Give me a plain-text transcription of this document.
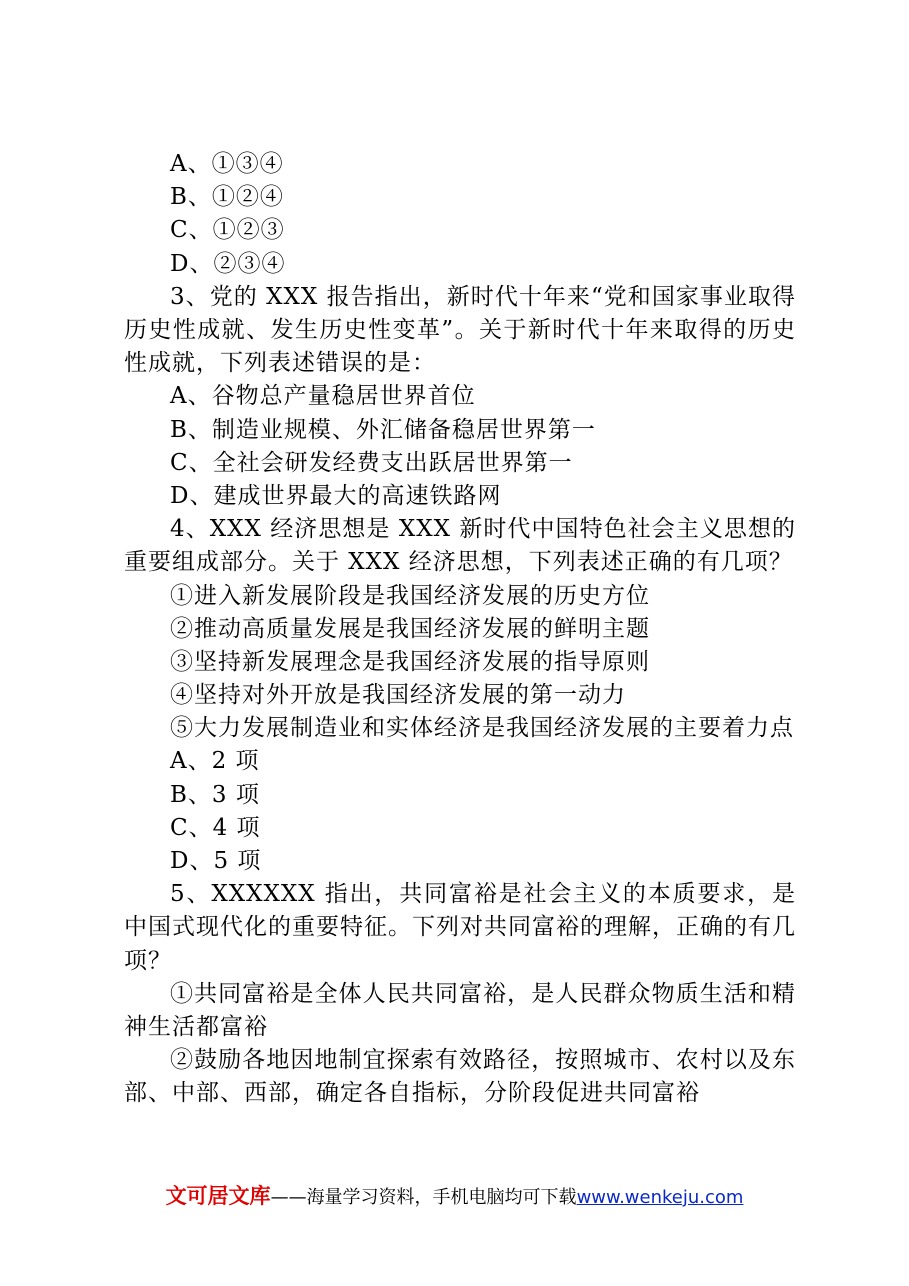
A、①③④
B、①②④
C、①②③
D、②③④
3、党的 XXX 报告指出，新时代十年来“党和国家事业取得历史性成就、发生历史性变革”。关于新时代十年来取得的历史性成就，下列表述错误的是：
A、谷物总产量稳居世界首位
B、制造业规模、外汇储备稳居世界第一
C、全社会研发经费支出跃居世界第一
D、建成世界最大的高速铁路网
4、XXX 经济思想是 XXX 新时代中国特色社会主义思想的重要组成部分。关于 XXX 经济思想，下列表述正确的有几项？
①进入新发展阶段是我国经济发展的历史方位
②推动高质量发展是我国经济发展的鲜明主题
③坚持新发展理念是我国经济发展的指导原则
④坚持对外开放是我国经济发展的第一动力
⑤大力发展制造业和实体经济是我国经济发展的主要着力点
A、2 项
B、3 项
C、4 项
D、5 项
5、XXXXXX 指出，共同富裕是社会主义的本质要求，是中国式现代化的重要特征。下列对共同富裕的理解，正确的有几项？
①共同富裕是全体人民共同富裕，是人民群众物质生活和精神生活都富裕
②鼓励各地因地制宜探索有效路径，按照城市、农村以及东部、中部、西部，确定各自指标，分阶段促进共同富裕
文可居文库——海量学习资料，手机电脑均可下载www.wenkeju.com
